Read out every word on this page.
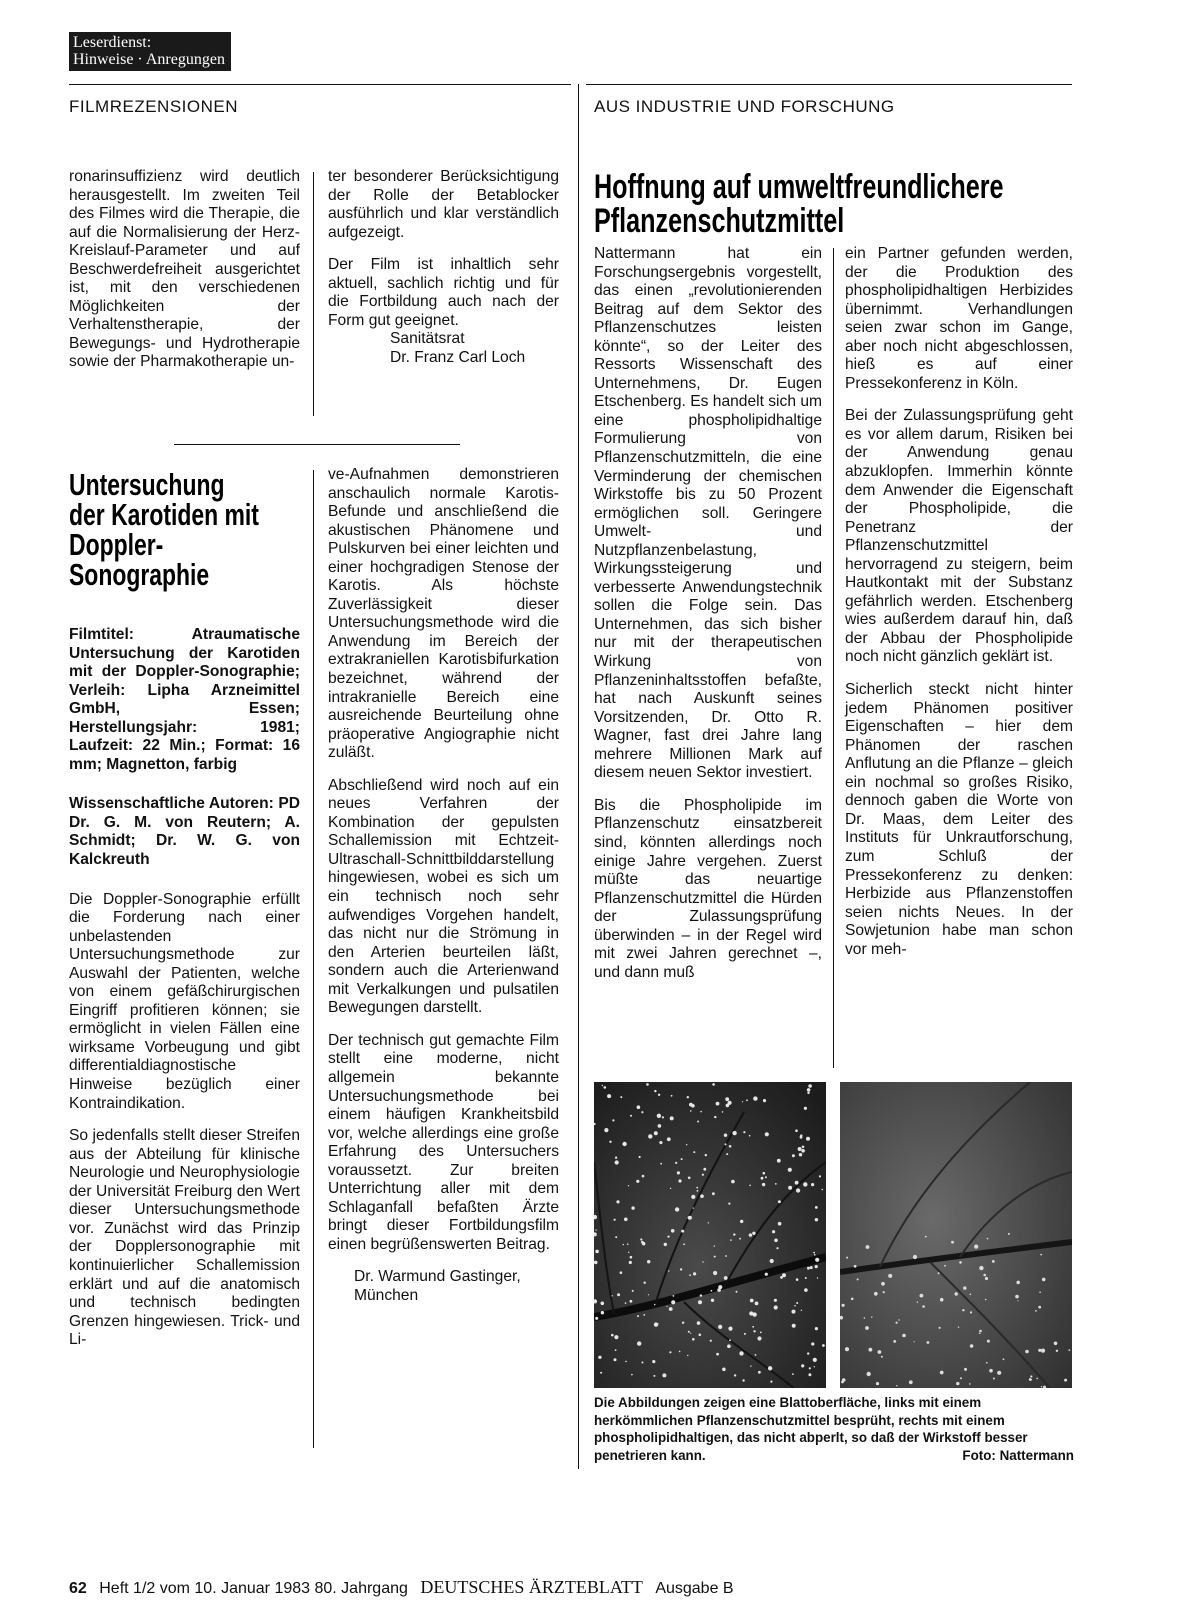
Leserdienst:
Hinweise · Anregungen
FILMREZENSIONEN	AUS INDUSTRIE UND FORSCHUNG

ronarinsuffizienz wird deutlich herausgestellt. Im zweiten Teil des Filmes wird die Therapie, die auf die Normalisierung der Herz- Kreislauf-Parameter und auf Beschwerdefreiheit ausgerichtet ist, mit den verschiedenen Möglichkeiten der Verhaltenstherapie, der Bewegungs- und Hydrotherapie sowie der Pharmakotherapie un-

ter besonderer Berücksichtigung der Rolle der Betablocker ausführlich und klar verständlich aufgezeigt.

Der Film ist inhaltlich sehr aktuell, sachlich richtig und für die Fortbildung auch nach der Form gut geeignet.

Sanitätsrat
Dr. Franz Carl Loch
Untersuchung
der Karotiden mit
Doppler-
Sonographie

Filmtitel: Atraumatische Untersuchung der Karotiden mit der Doppler-Sonographie; Verleih: Lipha Arzneimittel GmbH, Essen; Herstellungsjahr: 1981; Laufzeit: 22 Min.; Format: 16 mm; Magnetton, farbig

Wissenschaftliche Autoren: PD Dr. G. M. von Reutern; A. Schmidt; Dr. W. G. von Kalckreuth

Die Doppler-Sonographie erfüllt die Forderung nach einer unbelastenden Untersuchungsmethode zur Auswahl der Patienten, welche von einem gefäßchirurgischen Eingriff profitieren können; sie ermöglicht in vielen Fällen eine wirksame Vorbeugung und gibt differentialdiagnostische Hinweise bezüglich einer Kontraindikation.

So jedenfalls stellt dieser Streifen aus der Abteilung für klinische Neurologie und Neurophysiologie der Universität Freiburg den Wert dieser Untersuchungsmethode vor. Zunächst wird das Prinzip der Dopplersonographie mit kontinuierlicher Schallemission erklärt und auf die anatomisch und technisch bedingten Grenzen hingewiesen. Trick- und Li-

ve-Aufnahmen demonstrieren anschaulich normale Karotis-Befunde und anschließend die akustischen Phänomene und Pulskurven bei einer leichten und einer hochgradigen Stenose der Karotis. Als höchste Zuverlässigkeit dieser Untersuchungsmethode wird die Anwendung im Bereich der extrakraniellen Karotisbifurkation bezeichnet, während der intrakranielle Bereich eine ausreichende Beurteilung ohne präoperative Angiographie nicht zuläßt.

Abschließend wird noch auf ein neues Verfahren der Kombination der gepulsten Schallemission mit Echtzeit-Ultraschall-Schnittbilddarstellung hingewiesen, wobei es sich um ein technisch noch sehr aufwendiges Vorgehen handelt, das nicht nur die Strömung in den Arterien beurteilen läßt, sondern auch die Arterienwand mit Verkalkungen und pulsatilen Bewegungen darstellt.

Der technisch gut gemachte Film stellt eine moderne, nicht allgemein bekannte Untersuchungsmethode bei einem häufigen Krankheitsbild vor, welche allerdings eine große Erfahrung des Untersuchers voraussetzt. Zur breiten Unterrichtung aller mit dem Schlaganfall befaßten Ärzte bringt dieser Fortbildungsfilm einen begrüßenswerten Beitrag.

Dr. Warmund Gastinger,
München
Hoffnung auf umweltfreundlichere
Pflanzenschutzmittel

Nattermann hat ein Forschungsergebnis vorgestellt, das einen „revolutionierenden Beitrag auf dem Sektor des Pflanzenschutzes leisten könnte“, so der Leiter des Ressorts Wissenschaft des Unternehmens, Dr. Eugen Etschenberg. Es handelt sich um eine phospholipidhaltige Formulierung von Pflanzenschutzmitteln, die eine Verminderung der chemischen Wirkstoffe bis zu 50 Prozent ermöglichen soll. Geringere Umwelt- und Nutzpflanzenbelastung, Wirkungssteigerung und verbesserte Anwendungstechnik sollen die Folge sein. Das Unternehmen, das sich bisher nur mit der therapeutischen Wirkung von Pflanzeninhaltsstoffen befaßte, hat nach Auskunft seines Vorsitzenden, Dr. Otto R. Wagner, fast drei Jahre lang mehrere Millionen Mark auf diesem neuen Sektor investiert.

Bis die Phospholipide im Pflanzenschutz einsatzbereit sind, könnten allerdings noch einige Jahre vergehen. Zuerst müßte das neuartige Pflanzenschutzmittel die Hürden der Zulassungsprüfung überwinden – in der Regel wird mit zwei Jahren gerechnet –, und dann muß

ein Partner gefunden werden, der die Produktion des phospholipidhaltigen Herbizides übernimmt. Verhandlungen seien zwar schon im Gange, aber noch nicht abgeschlossen, hieß es auf einer Pressekonferenz in Köln.

Bei der Zulassungsprüfung geht es vor allem darum, Risiken bei der Anwendung genau abzuklopfen. Immerhin könnte dem Anwender die Eigenschaft der Phospholipide, die Penetranz der Pflanzenschutzmittel hervorragend zu steigern, beim Hautkontakt mit der Substanz gefährlich werden. Etschenberg wies außerdem darauf hin, daß der Abbau der Phospholipide noch nicht gänzlich geklärt ist.

Sicherlich steckt nicht hinter jedem Phänomen positiver Eigenschaften – hier dem Phänomen der raschen Anflutung an die Pflanze – gleich ein nochmal so großes Risiko, dennoch gaben die Worte von Dr. Maas, dem Leiter des Instituts für Unkrautforschung, zum Schluß der Pressekonferenz zu denken: Herbizide aus Pflanzenstoffen seien nichts Neues. In der Sowjetunion habe man schon vor meh-

Die Abbildungen zeigen eine Blattoberfläche, links mit einem herkömmlichen Pflanzenschutzmittel besprüht, rechts mit einem phospholipidhaltigen, das nicht abperlt, so daß der Wirkstoff besser penetrieren kann.	Foto: Nattermann
62 Heft 1/2 vom 10. Januar 1983 80. Jahrgang DEUTSCHES ÄRZTEBLATT Ausgabe B
